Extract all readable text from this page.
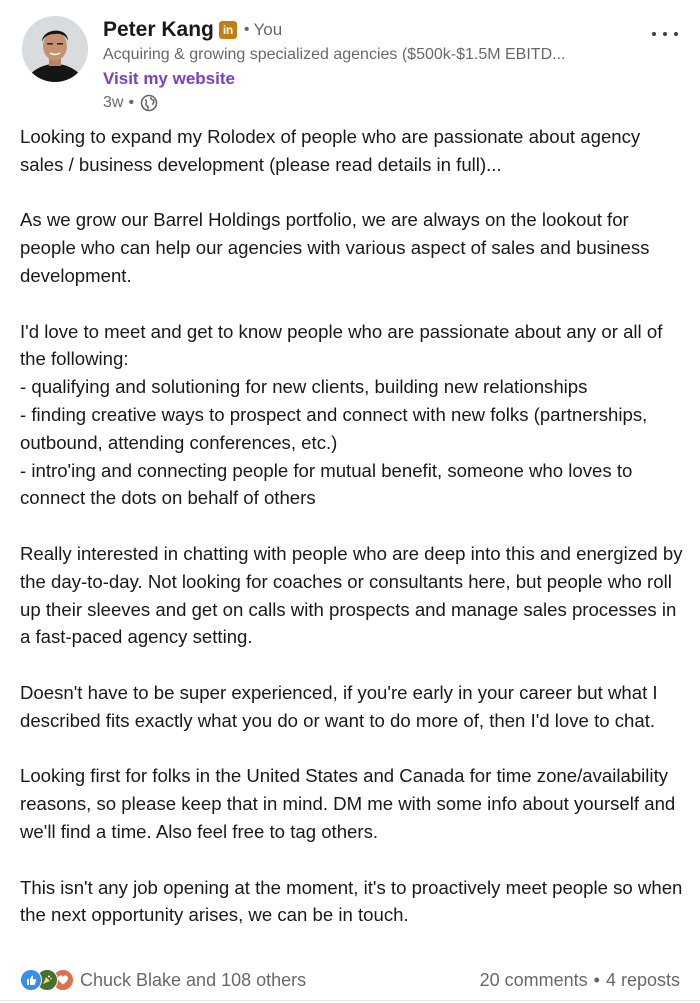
Peter Kang in • You
Acquiring & growing specialized agencies ($500k-$1.5M EBITD...
Visit my website
3w •

Looking to expand my Rolodex of people who are passionate about agency sales / business development (please read details in full)...

As we grow our Barrel Holdings portfolio, we are always on the lookout for people who can help our agencies with various aspect of sales and business development.

I'd love to meet and get to know people who are passionate about any or all of the following:

- qualifying and solutioning for new clients, building new relationships

- finding creative ways to prospect and connect with new folks (partnerships, outbound, attending conferences, etc.)

- intro'ing and connecting people for mutual benefit, someone who loves to connect the dots on behalf of others

Really interested in chatting with people who are deep into this and energized by the day-to-day. Not looking for coaches or consultants here, but people who roll up their sleeves and get on calls with prospects and manage sales processes in a fast-paced agency setting.

Doesn't have to be super experienced, if you're early in your career but what I described fits exactly what you do or want to do more of, then I'd love to chat.

Looking first for folks in the United States and Canada for time zone/availability reasons, so please keep that in mind. DM me with some info about yourself and we'll find a time. Also feel free to tag others.

This isn't any job opening at the moment, it's to proactively meet people so when the next opportunity arises, we can be in touch.

Chuck Blake and 108 others	20 comments • 4 reposts
